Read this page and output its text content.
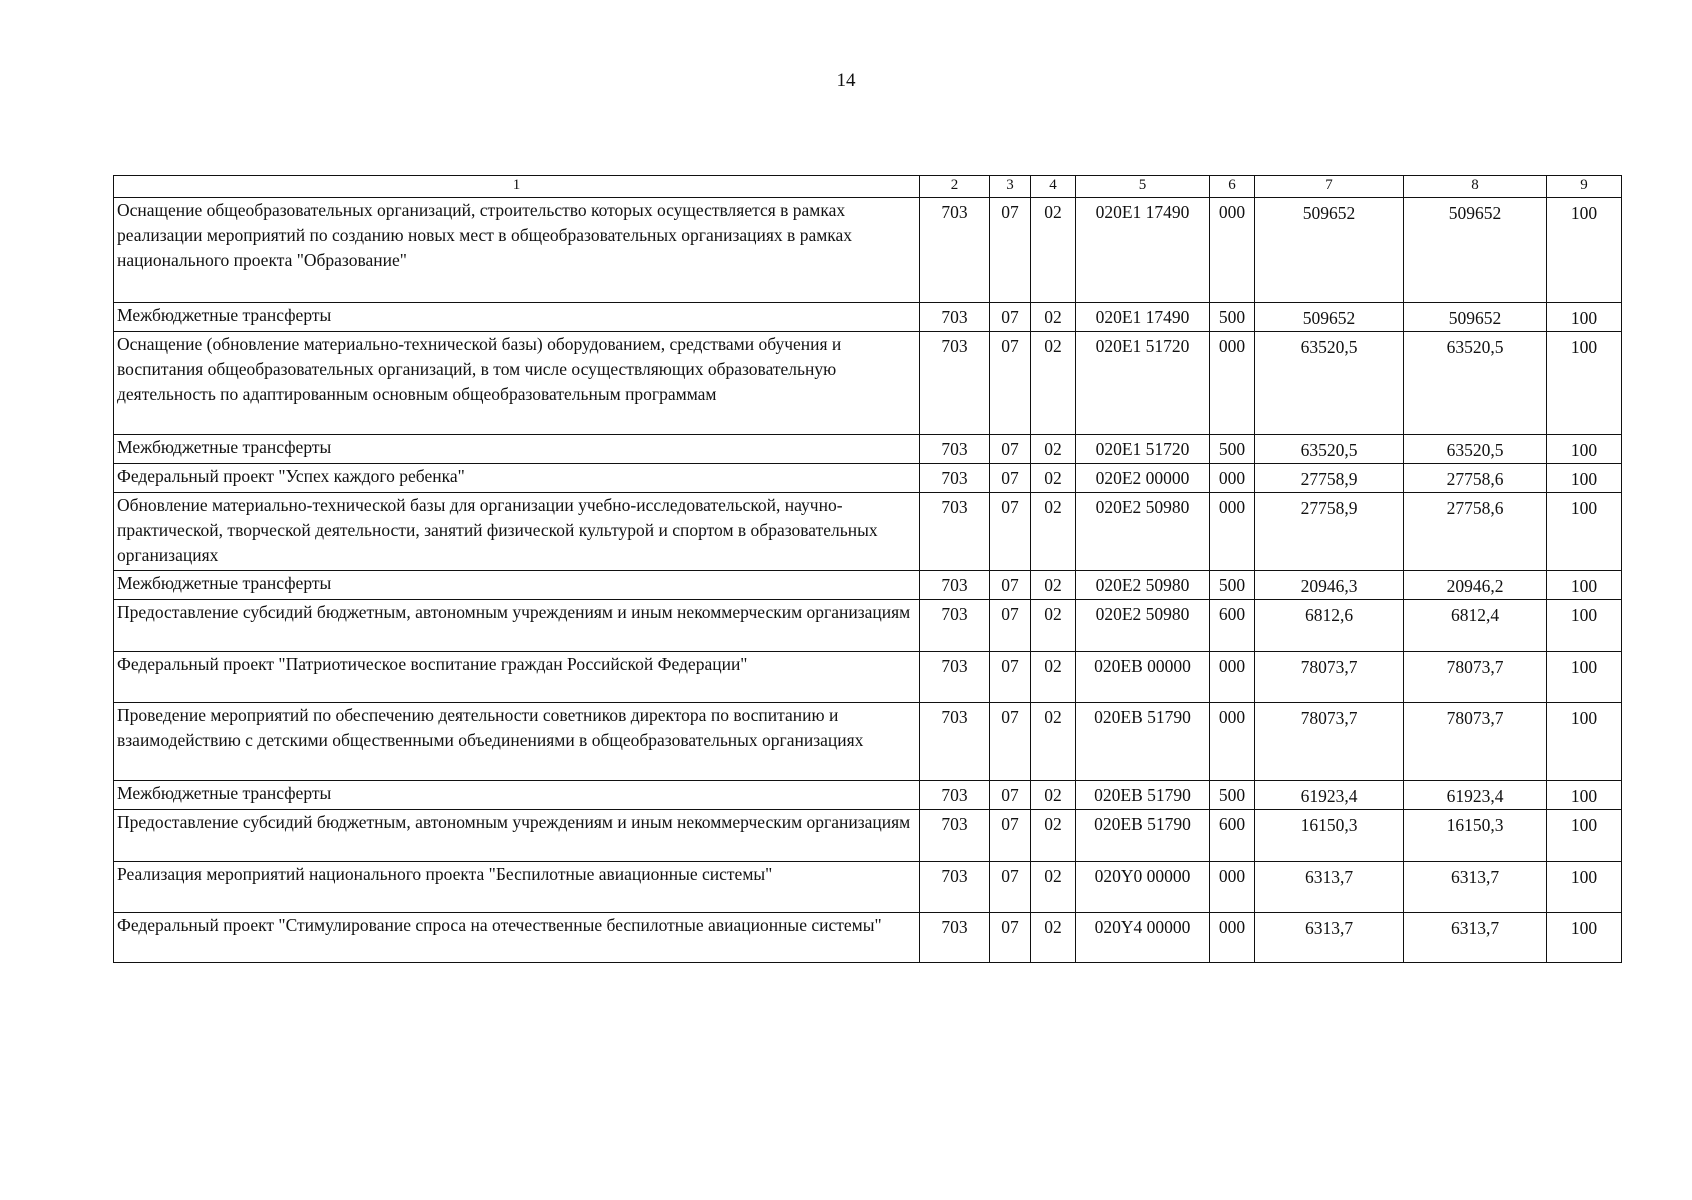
14
1	2	3	4	5	6	7	8	9
Оснащение общеобразовательных организаций, строительство которых осуществляется в рамках реализации мероприятий по созданию новых мест в общеобразовательных организациях в рамках национального проекта "Образование"	703	07	02	020E1 17490	000	509652	509652	100
Межбюджетные трансферты	703	07	02	020E1 17490	500	509652	509652	100
Оснащение (обновление материально-технической базы) оборудованием, средствами обучения и воспитания общеобразовательных организаций, в том числе осуществляющих образовательную деятельность по адаптированным основным общеобразовательным программам	703	07	02	020E1 51720	000	63520,5	63520,5	100
Межбюджетные трансферты	703	07	02	020E1 51720	500	63520,5	63520,5	100
Федеральный проект "Успех каждого ребенка"	703	07	02	020E2 00000	000	27758,9	27758,6	100
Обновление материально-технической базы для организации учебно-исследовательской, научно-практической, творческой деятельности, занятий физической культурой и спортом в образовательных организациях	703	07	02	020E2 50980	000	27758,9	27758,6	100
Межбюджетные трансферты	703	07	02	020E2 50980	500	20946,3	20946,2	100
Предоставление субсидий бюджетным, автономным учреждениям и иным некоммерческим организациям	703	07	02	020E2 50980	600	6812,6	6812,4	100
Федеральный проект "Патриотическое воспитание граждан Российской Федерации"	703	07	02	020EB 00000	000	78073,7	78073,7	100
Проведение мероприятий по обеспечению деятельности советников директора по воспитанию и взаимодействию с детскими общественными объединениями в общеобразовательных организациях	703	07	02	020EB 51790	000	78073,7	78073,7	100
Межбюджетные трансферты	703	07	02	020EB 51790	500	61923,4	61923,4	100
Предоставление субсидий бюджетным, автономным учреждениям и иным некоммерческим организациям	703	07	02	020EB 51790	600	16150,3	16150,3	100
Реализация мероприятий национального проекта "Беспилотные авиационные системы"	703	07	02	020Y0 00000	000	6313,7	6313,7	100
Федеральный проект "Стимулирование спроса на отечественные беспилотные авиационные системы"	703	07	02	020Y4 00000	000	6313,7	6313,7	100
